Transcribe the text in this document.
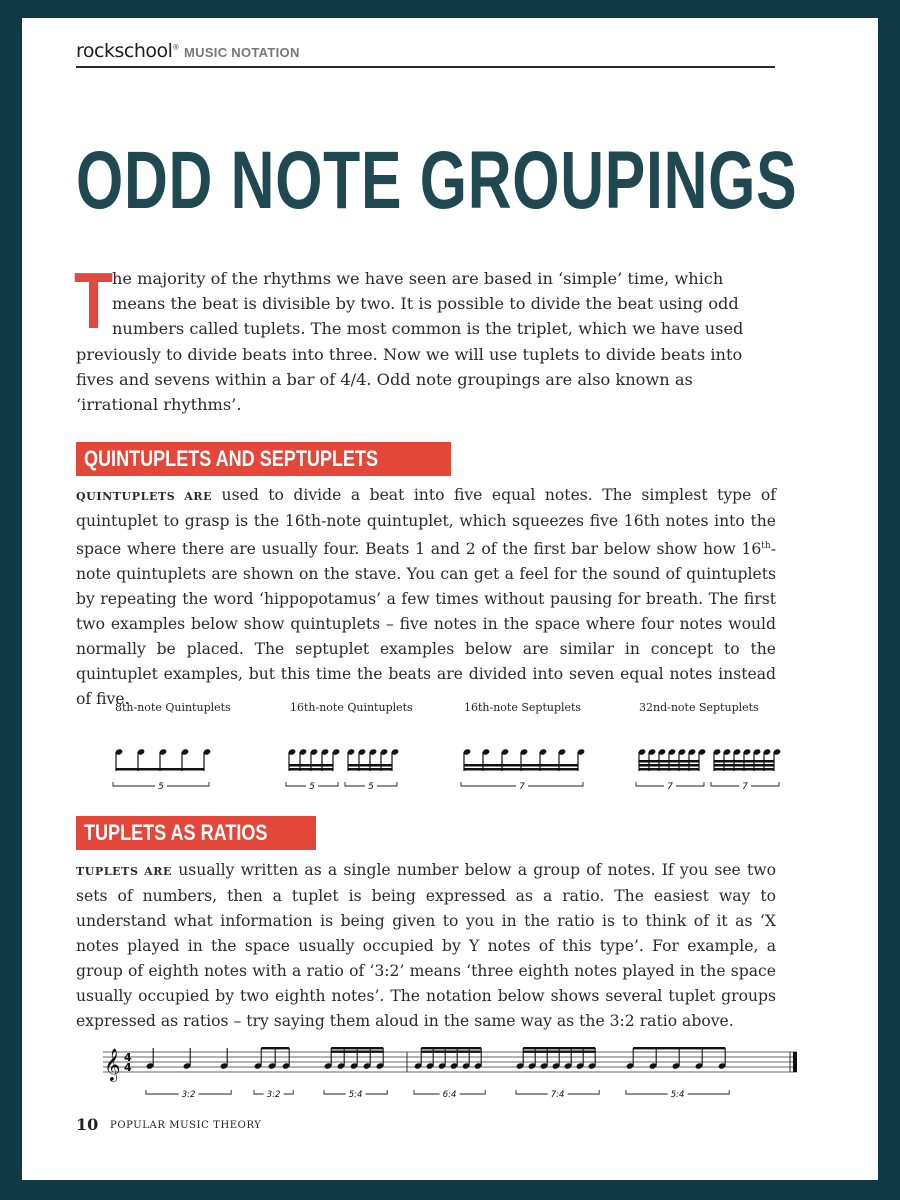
rockschool® MUSIC NOTATION
ODD NOTE GROUPINGS
T
he majority of the rhythms we have seen are based in ‘simple’ time, which means the beat is divisible by two. It is possible to divide the beat using odd numbers called tuplets. The most common is the triplet, which we have used previously to divide beats into three. Now we will use tuplets to divide beats into fives and sevens within a bar of 4/4. Odd note groupings are also known as ‘irrational rhythms’.
QUINTUPLETS AND SEPTUPLETS
QUINTUPLETS ARE used to divide a beat into five equal notes. The simplest type of quintuplet to grasp is the 16th-note quintuplet, which squeezes five 16th notes into the space where there are usually four. Beats 1 and 2 of the first bar below show how 16th-note quintuplets are shown on the stave. You can get a feel for the sound of quintuplets by repeating the word ‘hippopotamus’ a few times without pausing for breath. The first two examples below show quintuplets – five notes in the space where four notes would normally be placed. The septuplet examples below are similar in concept to the quintuplet examples, but this time the beats are divided into seven equal notes instead of five.
8th-note Quintuplets	16th-note Quintuplets	16th-note Septuplets	32nd-note Septuplets
5	5	5	7	7	7
TUPLETS AS RATIOS
TUPLETS ARE usually written as a single number below a group of notes. If you see two sets of numbers, then a tuplet is being expressed as a ratio. The easiest way to understand what information is being given to you in the ratio is to think of it as ‘X notes played in the space usually occupied by Y notes of this type’. For example, a group of eighth notes with a ratio of ‘3:2’ means ‘three eighth notes played in the space usually occupied by two eighth notes’. The notation below shows several tuplet groups expressed as ratios – try saying them aloud in the same way as the 3:2 ratio above.
𝄞 4
4
3:2	3:2	5:4	6:4	7:4	5:4
10 POPULAR MUSIC THEORY
